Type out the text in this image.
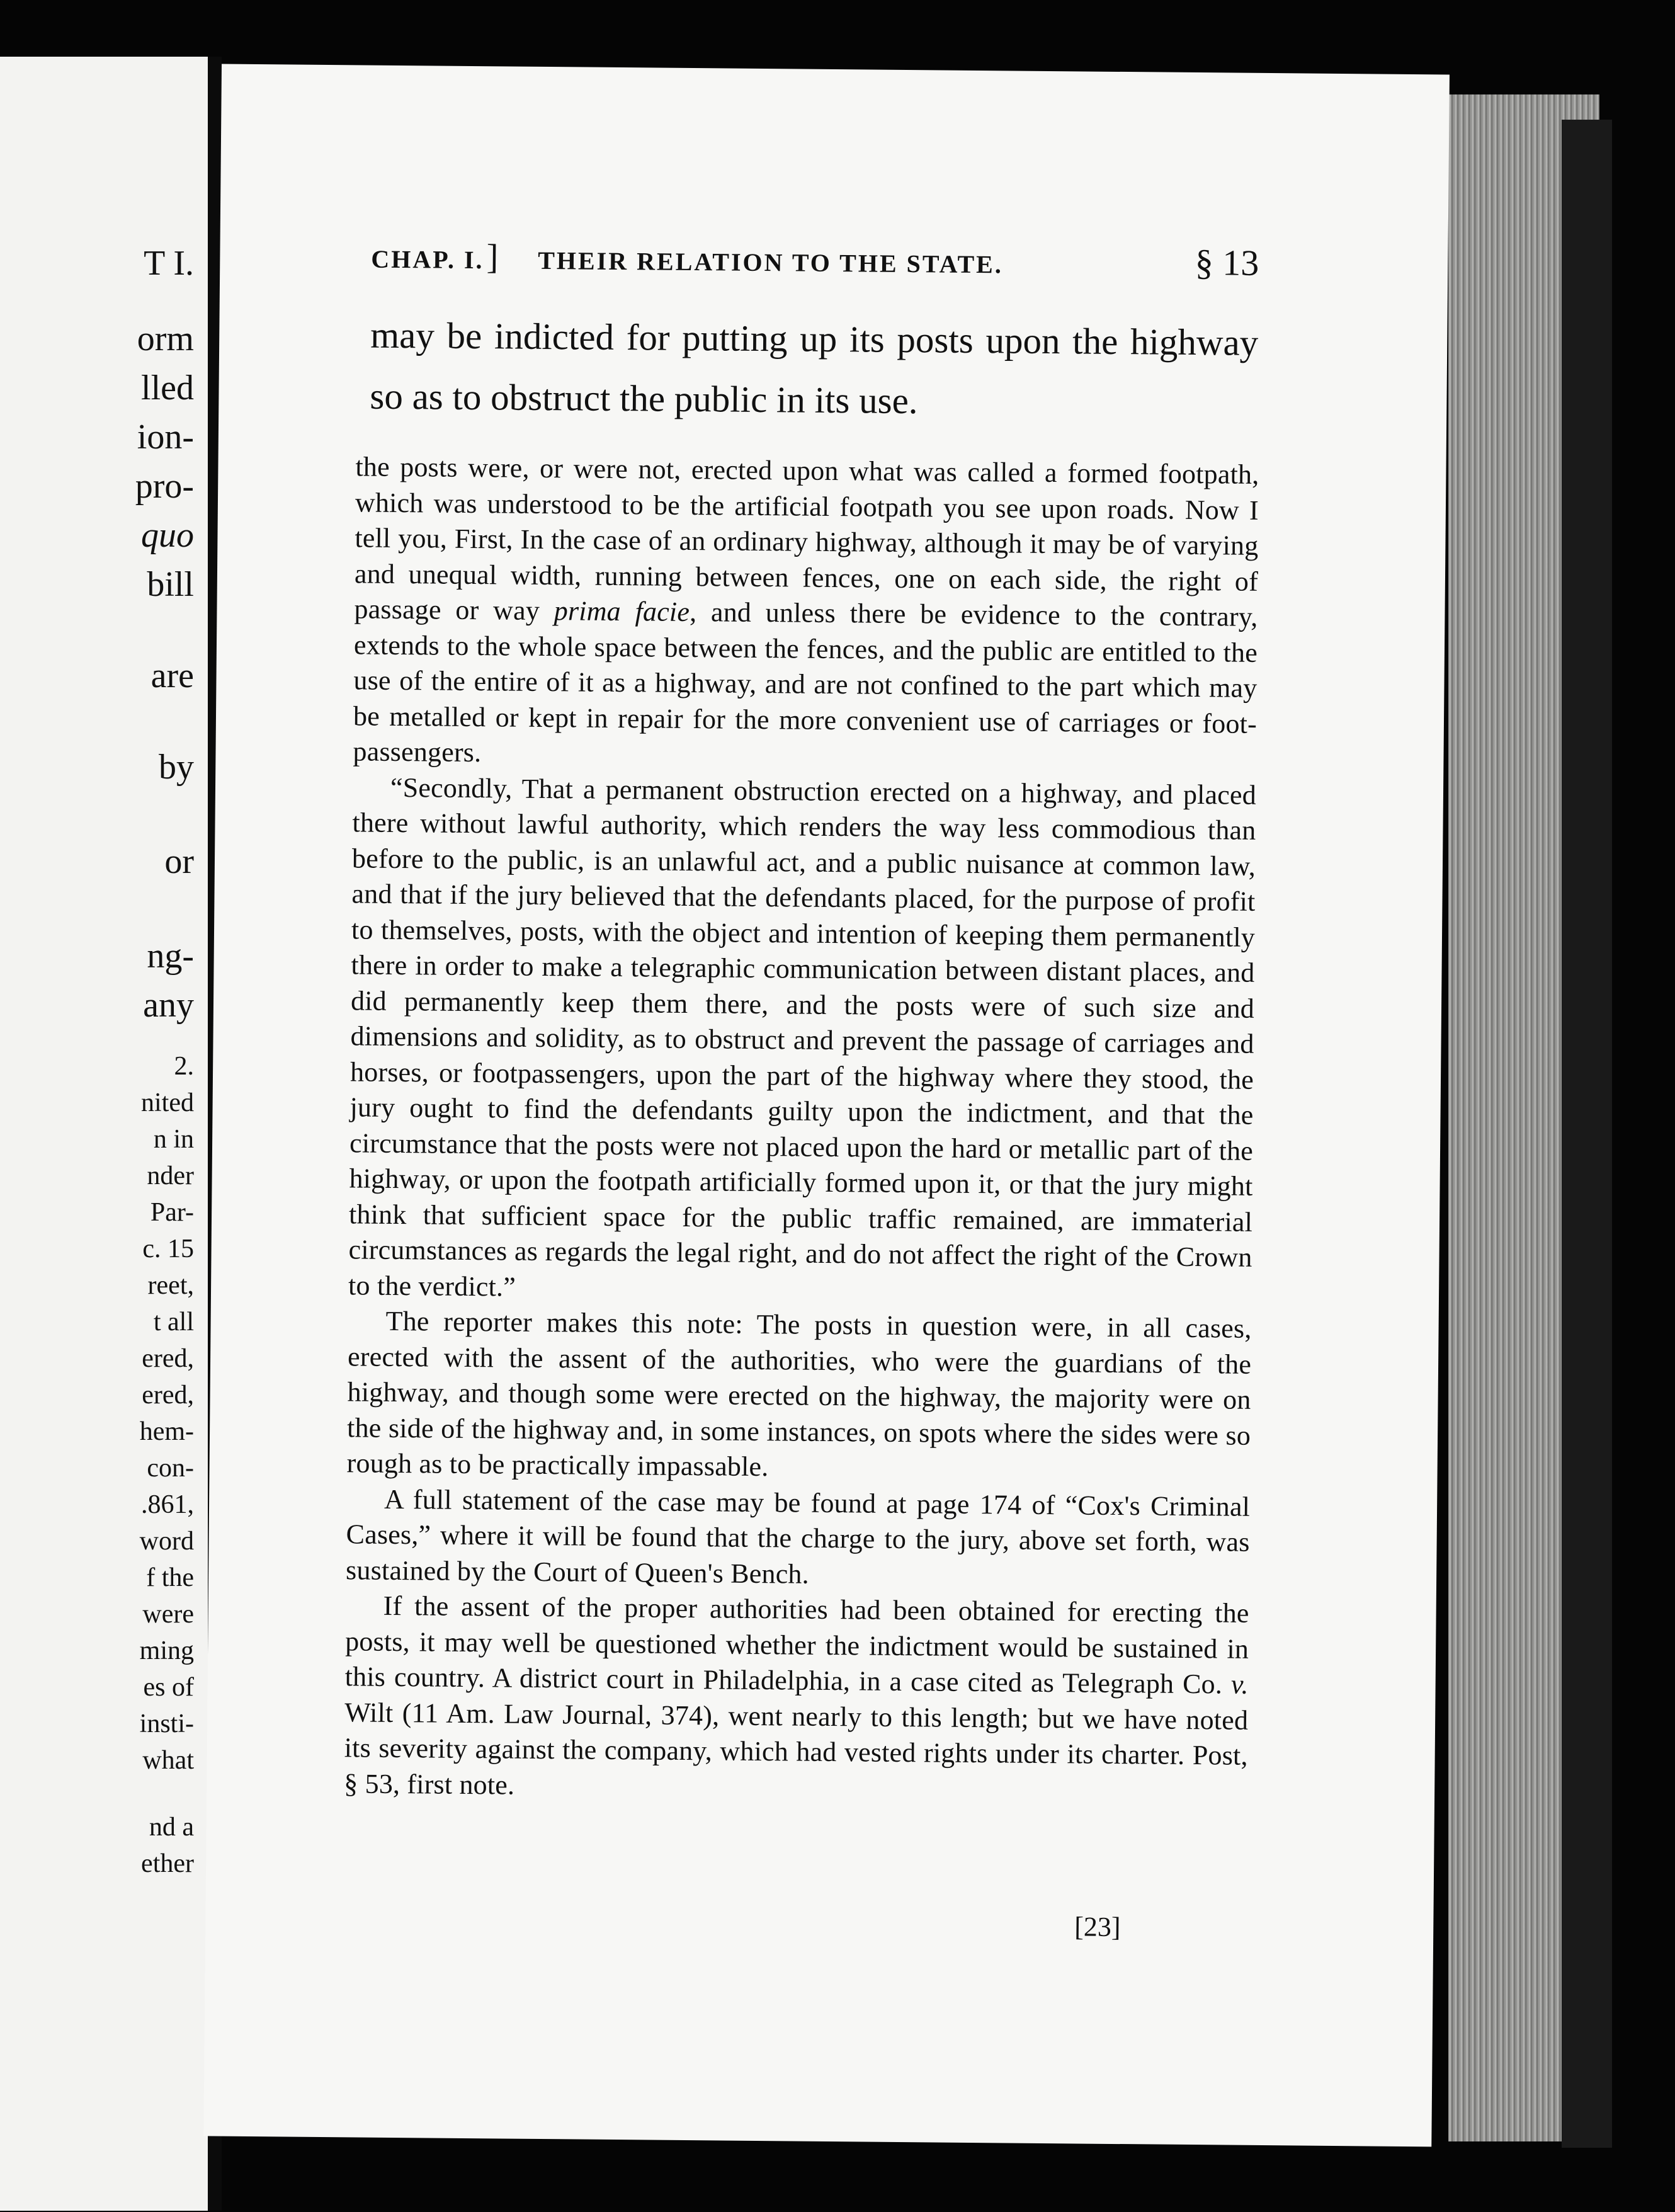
T I.
orm
lled
ion-
pro-
quo
bill
are
by
or
ng-
any
2.
nited
n in
nder
Par-
c. 15
reet,
t all
ered,
ered,
hem-
con-
.861,
word
f the
were
ming
es of
insti-
what
nd a
ether
CHAP. I. ] THEIR RELATION TO THE STATE.	§ 13
may be indicted for putting up its posts upon the highway so as to obstruct the public in its use.

the posts were, or were not, erected upon what was called a formed footpath, which was understood to be the artificial footpath you see upon roads. Now I tell you, First, In the case of an ordinary highway, although it may be of varying and unequal width, running between fences, one on each side, the right of passage or way prima facie, and unless there be evidence to the contrary, extends to the whole space between the fences, and the public are entitled to the use of the entire of it as a highway, and are not confined to the part which may be metalled or kept in repair for the more convenient use of carriages or foot-passengers.

“Secondly, That a permanent obstruction erected on a highway, and placed there without lawful authority, which renders the way less commodious than before to the public, is an unlawful act, and a public nuisance at common law, and that if the jury believed that the defendants placed, for the purpose of profit to themselves, posts, with the object and intention of keeping them permanently there in order to make a telegraphic communication between distant places, and did permanently keep them there, and the posts were of such size and dimensions and solidity, as to obstruct and prevent the passage of carriages and horses, or footpassengers, upon the part of the highway where they stood, the jury ought to find the defendants guilty upon the indictment, and that the circumstance that the posts were not placed upon the hard or metallic part of the highway, or upon the footpath artificially formed upon it, or that the jury might think that sufficient space for the public traffic remained, are immaterial circumstances as regards the legal right, and do not affect the right of the Crown to the verdict.”

The reporter makes this note: The posts in question were, in all cases, erected with the assent of the authorities, who were the guardians of the highway, and though some were erected on the highway, the majority were on the side of the highway and, in some instances, on spots where the sides were so rough as to be practically impassable.

A full statement of the case may be found at page 174 of “Cox's Criminal Cases,” where it will be found that the charge to the jury, above set forth, was sustained by the Court of Queen's Bench.

If the assent of the proper authorities had been obtained for erecting the posts, it may well be questioned whether the indictment would be sustained in this country. A district court in Philadelphia, in a case cited as Telegraph Co. v. Wilt (11 Am. Law Journal, 374), went nearly to this length; but we have noted its severity against the company, which had vested rights under its charter. Post, § 53, first note.

[23]
